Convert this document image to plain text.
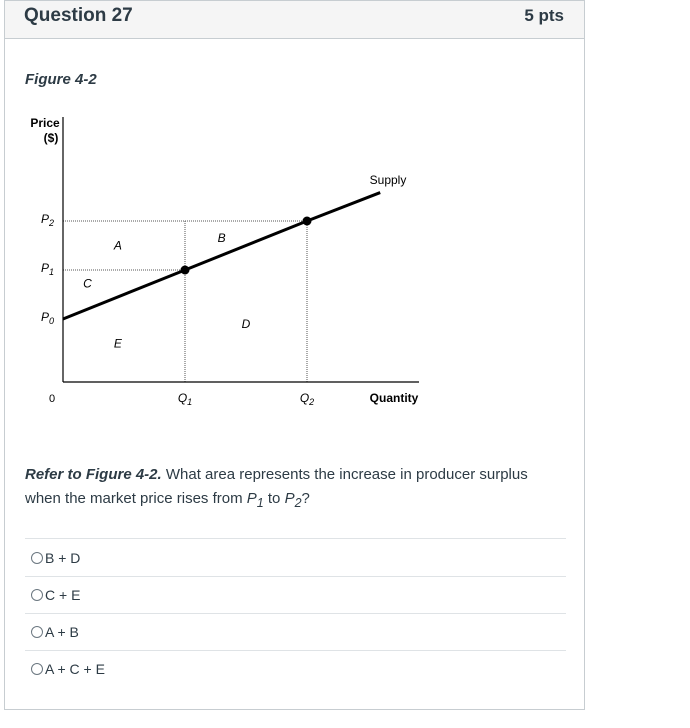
Question 27	5 pts
Figure 4-2
Price
($)
Quantity
0
$P_0$
$P_1$
$P_2$
$Q_1$	$Q_2$
Supply
A
B
C
D
E
Refer to Figure 4-2. What area represents the increase in producer surplus when the market price rises from $P_1$ to $P_2$?
B + D
C + E
A + B
A + C + E
